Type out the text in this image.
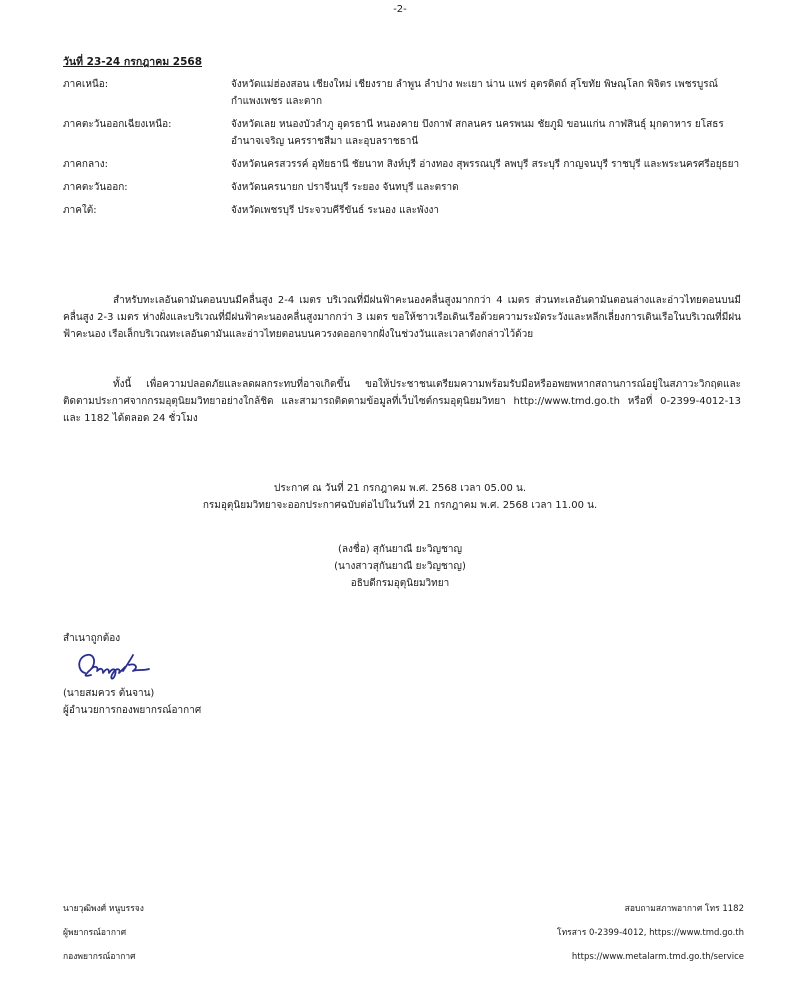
-2-
วันที่ 23-24 กรกฎาคม 2568
ภาคเหนือ:	จังหวัดแม่ฮ่องสอน เชียงใหม่ เชียงราย ลำพูน ลำปาง พะเยา น่าน แพร่ อุตรดิตถ์ สุโขทัย พิษณุโลก พิจิตร เพชรบูรณ์ กำแพงเพชร และตาก
ภาคตะวันออกเฉียงเหนือ:	จังหวัดเลย หนองบัวลำภู อุดรธานี หนองคาย บึงกาฬ สกลนคร นครพนม ชัยภูมิ ขอนแก่น กาฬสินธุ์ มุกดาหาร ยโสธร อำนาจเจริญ นครราชสีมา และอุบลราชธานี
ภาคกลาง:	จังหวัดนครสวรรค์ อุทัยธานี ชัยนาท สิงห์บุรี อ่างทอง สุพรรณบุรี ลพบุรี สระบุรี กาญจนบุรี ราชบุรี และพระนครศรีอยุธยา
ภาคตะวันออก:	จังหวัดนครนายก ปราจีนบุรี ระยอง จันทบุรี และตราด
ภาคใต้:	จังหวัดเพชรบุรี ประจวบคีรีขันธ์ ระนอง และพังงา
สำหรับทะเลอันดามันตอนบนมีคลื่นสูง 2-4 เมตร บริเวณที่มีฝนฟ้าคะนองคลื่นสูงมากกว่า 4 เมตร ส่วนทะเลอันดามันตอนล่างและอ่าวไทยตอนบนมีคลื่นสูง 2-3 เมตร ห่างฝั่งและบริเวณที่มีฝนฟ้าคะนองคลื่นสูงมากกว่า 3 เมตร ขอให้ชาวเรือเดินเรือด้วยความระมัดระวังและหลีกเลี่ยงการเดินเรือในบริเวณที่มีฝนฟ้าคะนอง เรือเล็กบริเวณทะเลอันดามันและอ่าวไทยตอนบนควรงดออกจากฝั่งในช่วงวันและเวลาดังกล่าวไว้ด้วย
ทั้งนี้ เพื่อความปลอดภัยและลดผลกระทบที่อาจเกิดขึ้น ขอให้ประชาชนเตรียมความพร้อมรับมือหรืออพยพหากสถานการณ์อยู่ในสภาวะวิกฤตและติดตามประกาศจากกรมอุตุนิยมวิทยาอย่างใกล้ชิด และสามารถติดตามข้อมูลที่เว็บไซต์กรมอุตุนิยมวิทยา http://www.tmd.go.th หรือที่ 0-2399-4012-13 และ 1182 ได้ตลอด 24 ชั่วโมง
ประกาศ ณ วันที่ 21 กรกฎาคม พ.ศ. 2568 เวลา 05.00 น.
กรมอุตุนิยมวิทยาจะออกประกาศฉบับต่อไปในวันที่ 21 กรกฎาคม พ.ศ. 2568 เวลา 11.00 น.
(ลงชื่อ) สุกันยาณี ยะวิญชาญ
(นางสาวสุกันยาณี ยะวิญชาญ)
อธิบดีกรมอุตุนิยมวิทยา
สำเนาถูกต้อง
(นายสมควร ต้นจาน)
ผู้อำนวยการกองพยากรณ์อากาศ
นายวุฒิพงศ์ หนูบรรจง
ผู้พยากรณ์อากาศ
กองพยากรณ์อากาศ
สอบถามสภาพอากาศ โทร 1182
โทรสาร 0-2399-4012, https://www.tmd.go.th
https://www.metalarm.tmd.go.th/service
